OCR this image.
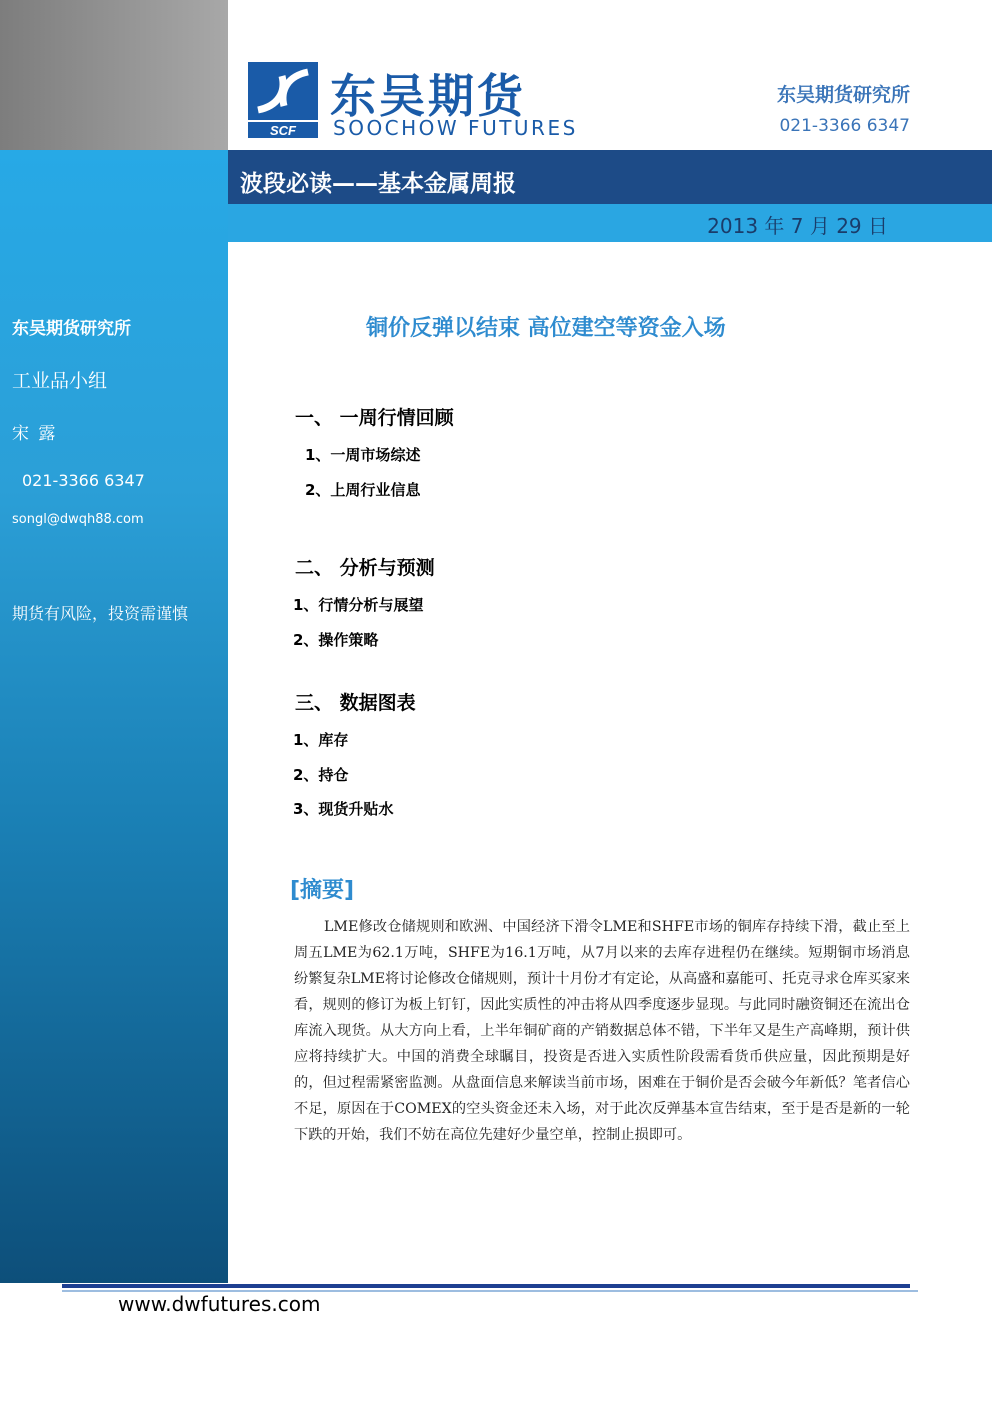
东吴期货研究所
工业品小组
宋 露
021-3366 6347
songl@dwqh88.com
期货有风险，投资需谨慎
SCF
东吴期货
SOOCHOW FUTURES
东吴期货研究所
021-3366 6347
波段必读——基本金属周报
2013 年 7 月 29 日
铜价反弹以结束 高位建空等资金入场
一、 一周行情回顾
1、一周市场综述
2、上周行业信息
二、 分析与预测
1、行情分析与展望
2、操作策略
三、 数据图表
1、库存
2、持仓
3、现货升贴水
[摘要]

LME修改仓储规则和欧洲、中国经济下滑令LME和SHFE市场的铜库存持续下滑，截止至上周五LME为62.1万吨，SHFE为16.1万吨，从7月以来的去库存进程仍在继续。短期铜市场消息纷繁复杂LME将讨论修改仓储规则，预计十月份才有定论，从高盛和嘉能可、托克寻求仓库买家来看，规则的修订为板上钉钉，因此实质性的冲击将从四季度逐步显现。与此同时融资铜还在流出仓库流入现货。从大方向上看，上半年铜矿商的产销数据总体不错，下半年又是生产高峰期，预计供应将持续扩大。中国的消费全球瞩目，投资是否进入实质性阶段需看货币供应量，因此预期是好的，但过程需紧密监测。从盘面信息来解读当前市场，困难在于铜价是否会破今年新低？笔者信心不足，原因在于COMEX的空头资金还未入场，对于此次反弹基本宣告结束，至于是否是新的一轮下跌的开始，我们不妨在高位先建好少量空单，控制止损即可。

www.dwfutures.com
